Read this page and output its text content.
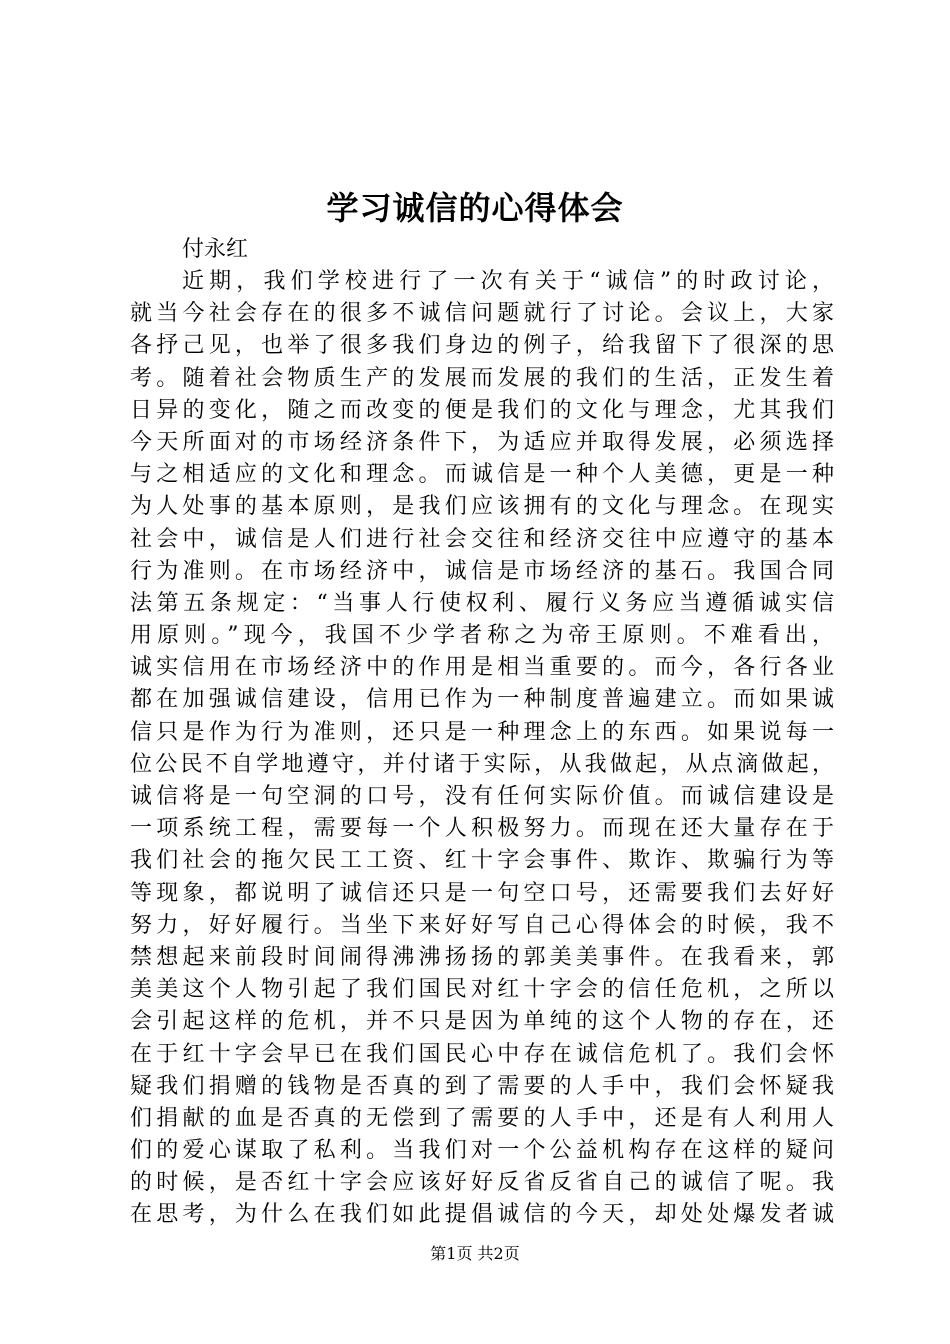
学习诚信的心得体会
付永红
近期，我们学校进行了一次有关于“诚信”的时政讨论，
就当今社会存在的很多不诚信问题就行了讨论。会议上，大家
各抒己见，也举了很多我们身边的例子，给我留下了很深的思
考。随着社会物质生产的发展而发展的我们的生活，正发生着
日异的变化，随之而改变的便是我们的文化与理念，尤其我们
今天所面对的市场经济条件下，为适应并取得发展，必须选择
与之相适应的文化和理念。而诚信是一种个人美德，更是一种
为人处事的基本原则，是我们应该拥有的文化与理念。在现实
社会中，诚信是人们进行社会交往和经济交往中应遵守的基本
行为准则。在市场经济中，诚信是市场经济的基石。我国合同
法第五条规定：“当事人行使权利、履行义务应当遵循诚实信
用原则。”现今，我国不少学者称之为帝王原则。不难看出，
诚实信用在市场经济中的作用是相当重要的。而今，各行各业
都在加强诚信建设，信用已作为一种制度普遍建立。而如果诚
信只是作为行为准则，还只是一种理念上的东西。如果说每一
位公民不自学地遵守，并付诸于实际，从我做起，从点滴做起，
诚信将是一句空洞的口号，没有任何实际价值。而诚信建设是
一项系统工程，需要每一个人积极努力。而现在还大量存在于
我们社会的拖欠民工工资、红十字会事件、欺诈、欺骗行为等
等现象，都说明了诚信还只是一句空口号，还需要我们去好好
努力，好好履行。当坐下来好好写自己心得体会的时候，我不
禁想起来前段时间闹得沸沸扬扬的郭美美事件。在我看来，郭
美美这个人物引起了我们国民对红十字会的信任危机，之所以
会引起这样的危机，并不只是因为单纯的这个人物的存在，还
在于红十字会早已在我们国民心中存在诚信危机了。我们会怀
疑我们捐赠的钱物是否真的到了需要的人手中，我们会怀疑我
们捐献的血是否真的无偿到了需要的人手中，还是有人利用人
们的爱心谋取了私利。当我们对一个公益机构存在这样的疑问
的时候，是否红十字会应该好好反省反省自己的诚信了呢。我
在思考，为什么在我们如此提倡诚信的今天，却处处爆发者诚
第1页 共2页
